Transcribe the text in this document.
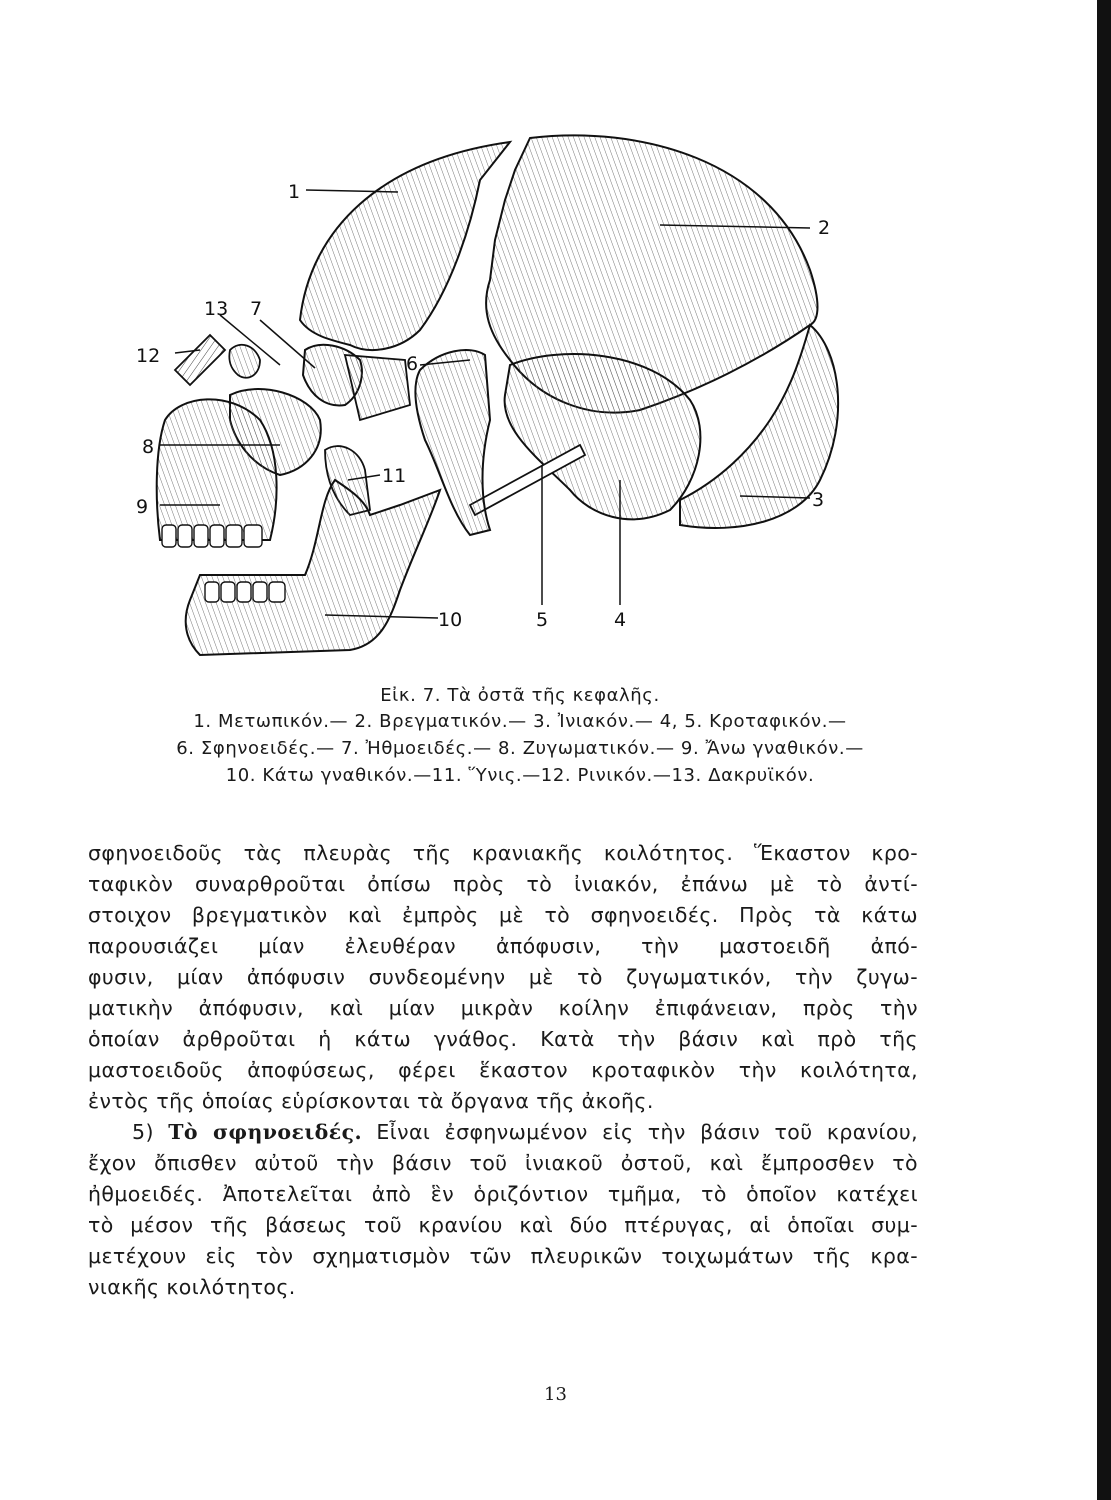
1
2
3
4
5
6
7
8
9
10
11
12
13
Εἰκ. 7. Τὰ ὀστᾶ τῆς κεφαλῆς.
1. Μετωπικόν.— 2. Βρεγματικόν.— 3. Ἰνιακόν.— 4, 5. Κροταφικόν.—
6. Σφηνοειδές.— 7. Ἠθμοειδές.— 8. Ζυγωματικόν.— 9. Ἄνω γναθικόν.—
10. Κάτω γναθικόν.—11. Ὕνις.—12. Ρινικόν.—13. Δακρυϊκόν.

σφηνοειδοῦς τὰς πλευρὰς τῆς κρανιακῆς κοιλότητος. Ἕκαστον κρο-
ταφικὸν συναρθροῦται ὀπίσω πρὸς τὸ ἰνιακόν, ἐπάνω μὲ τὸ ἀντί-
στοιχον βρεγματικὸν καὶ ἐμπρὸς μὲ τὸ σφηνοειδές. Πρὸς τὰ κάτω
παρουσιάζει μίαν ἐλευθέραν ἀπόφυσιν, τὴν μαστοειδῆ ἀπό-
φυσιν, μίαν ἀπόφυσιν συνδεομένην μὲ τὸ ζυγωματικόν, τὴν ζυγω-
ματικὴν ἀπόφυσιν, καὶ μίαν μικρὰν κοίλην ἐπιφάνειαν, πρὸς τὴν
ὁποίαν ἀρθροῦται ἡ κάτω γνάθος. Κατὰ τὴν βάσιν καὶ πρὸ τῆς
μαστοειδοῦς ἀποφύσεως, φέρει ἕκαστον κροταφικὸν τὴν κοιλότητα,
ἐντὸς τῆς ὁποίας εὑρίσκονται τὰ ὄργανα τῆς ἀκοῆς.

5) Τὸ σφηνοειδές. Εἶναι ἐσφηνωμένον εἰς τὴν βάσιν τοῦ κρανίου,
ἔχον ὄπισθεν αὐτοῦ τὴν βάσιν τοῦ ἰνιακοῦ ὀστοῦ, καὶ ἔμπροσθεν τὸ
ἠθμοειδές. Ἀποτελεῖται ἀπὸ ἓν ὁριζόντιον τμῆμα, τὸ ὁποῖον κατέχει
τὸ μέσον τῆς βάσεως τοῦ κρανίου καὶ δύο πτέρυγας, αἱ ὁποῖαι συμ-
μετέχουν εἰς τὸν σχηματισμὸν τῶν πλευρικῶν τοιχωμάτων τῆς κρα-
νιακῆς κοιλότητος.

13
